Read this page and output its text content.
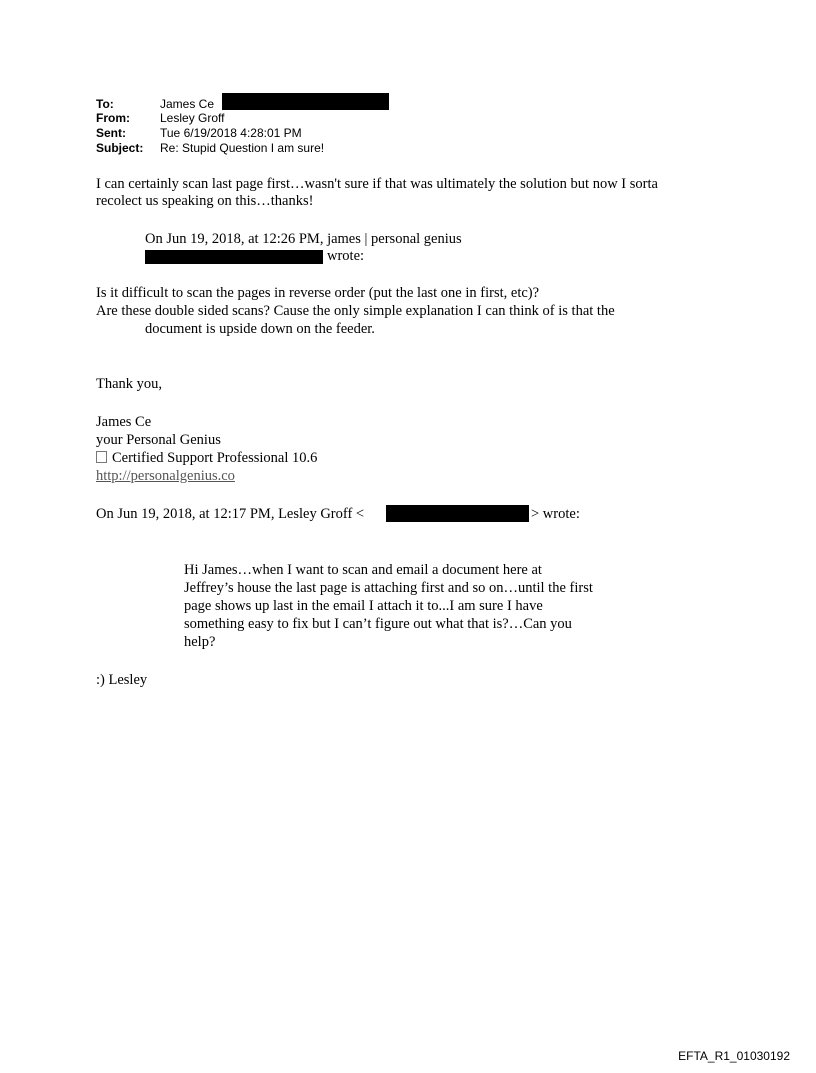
To:	James Ce
From:	Lesley Groff
Sent:	Tue 6/19/2018 4:28:01 PM
Subject: Re: Stupid Question I am sure!
I can certainly scan last page first…wasn't sure if that was ultimately the solution but now I sorta
recolect us speaking on this…thanks!
On Jun 19, 2018, at 12:26 PM, james | personal genius
wrote:
Is it difficult to scan the pages in reverse order (put the last one in first, etc)?
Are these double sided scans? Cause the only simple explanation I can think of is that the
document is upside down on the feeder.
Thank you,
James Ce
your Personal Genius
Certified Support Professional 10.6
http://personalgenius.co
On Jun 19, 2018, at 12:17 PM, Lesley Groff <	> wrote:
Hi James…when I want to scan and email a document here at
Jeffrey’s house the last page is attaching first and so on…until the first
page shows up last in the email I attach it to...I am sure I have
something easy to fix but I can’t figure out what that is?…Can you
help?
:) Lesley
EFTA_R1_01030192
